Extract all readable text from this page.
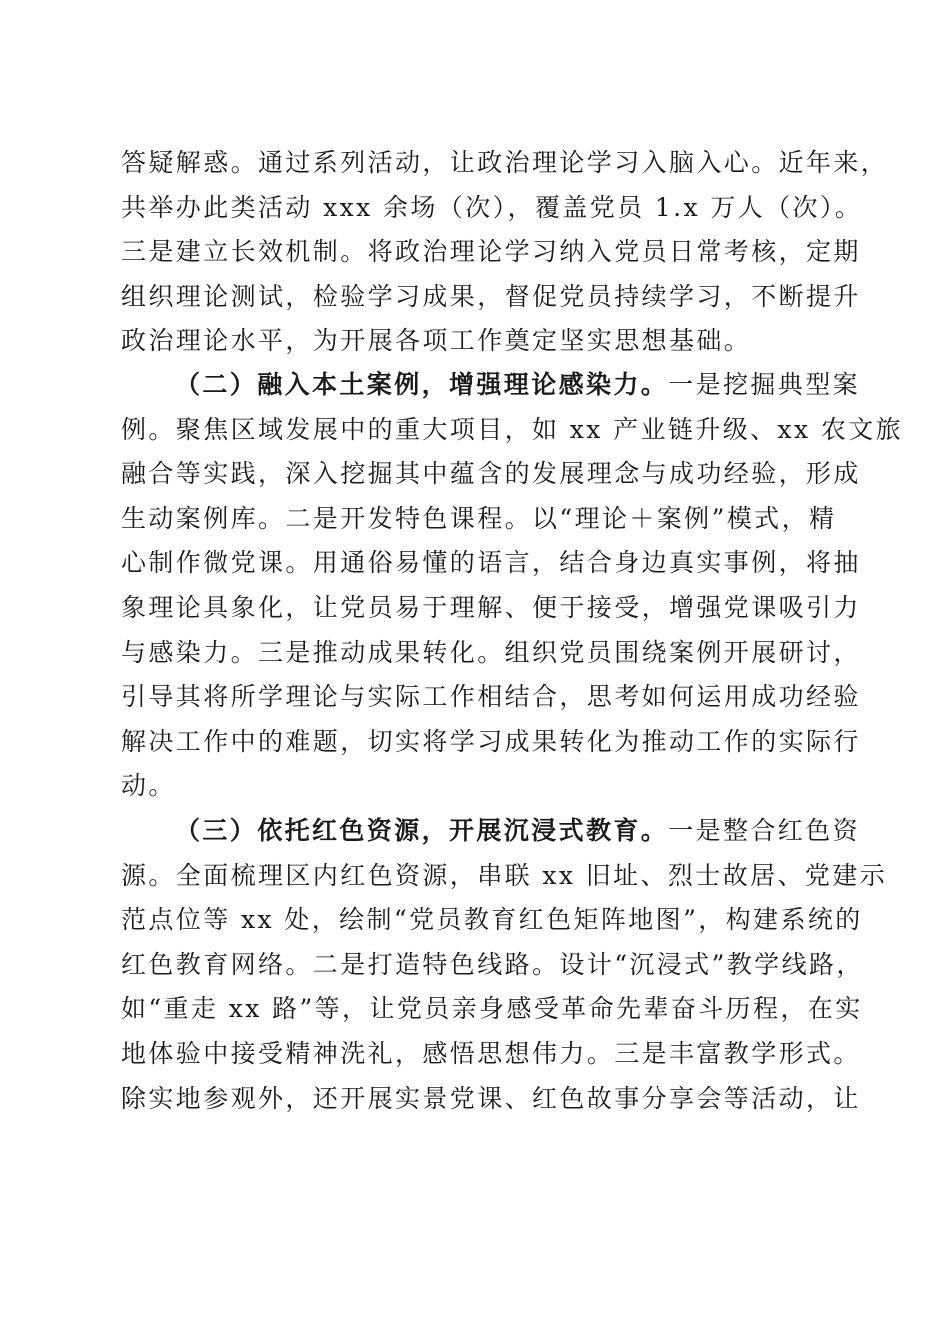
答疑解惑。通过系列活动，让政治理论学习入脑入心。近年来，
共举办此类活动 xxx 余场（次），覆盖党员 1.x 万人（次）。
三是建立长效机制。将政治理论学习纳入党员日常考核，定期
组织理论测试，检验学习成果，督促党员持续学习，不断提升
政治理论水平，为开展各项工作奠定坚实思想基础。
（二）融入本土案例，增强理论感染力。一是挖掘典型案
例。聚焦区域发展中的重大项目，如 xx 产业链升级、xx 农文旅
融合等实践，深入挖掘其中蕴含的发展理念与成功经验，形成
生动案例库。二是开发特色课程。以“理论＋案例”模式，精
心制作微党课。用通俗易懂的语言，结合身边真实事例，将抽
象理论具象化，让党员易于理解、便于接受，增强党课吸引力
与感染力。三是推动成果转化。组织党员围绕案例开展研讨，
引导其将所学理论与实际工作相结合，思考如何运用成功经验
解决工作中的难题，切实将学习成果转化为推动工作的实际行
动。
（三）依托红色资源，开展沉浸式教育。一是整合红色资
源。全面梳理区内红色资源，串联 xx 旧址、烈士故居、党建示
范点位等 xx 处，绘制“党员教育红色矩阵地图”，构建系统的
红色教育网络。二是打造特色线路。设计“沉浸式”教学线路，
如“重走 xx 路”等，让党员亲身感受革命先辈奋斗历程，在实
地体验中接受精神洗礼，感悟思想伟力。三是丰富教学形式。
除实地参观外，还开展实景党课、红色故事分享会等活动，让
